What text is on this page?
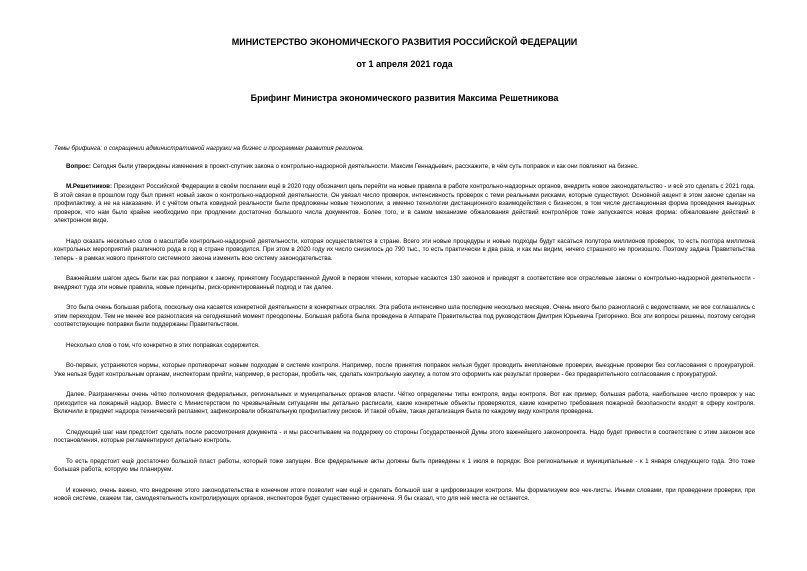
МИНИСТЕРСТВО ЭКОНОМИЧЕСКОГО РАЗВИТИЯ РОССИЙСКОЙ ФЕДЕРАЦИИ

от 1 апреля 2021 года

Брифинг Министра экономического развития Максима Решетникова

Темы брифинга: о сокращении административной нагрузки на бизнес и программах развития регионов.

Вопрос: Сегодня были утверждены изменения в проект-спутник закона о контрольно-надзорной деятельности. Максим Геннадьевич, расскажите, в чём суть поправок и как они повлияют на бизнес.

М.Решетников: Президент Российской Федерации в своём послании ещё в 2020 году обозначил цель перейти на новые правила в работе контрольно-надзорных органов, внедрить новое законодательство - и всё это сделать с 2021 года. В этой связи в прошлом году был принят новый закон о контрольно-надзорной деятельности. Он увязал число проверок, интенсивность проверок с теми реальными рисками, которые существуют. Основной акцент в этом законе сделан на профилактику, а не на наказание. И с учётом опыта ковидной реальности были предложены новые технологии, а именно технологии дистанционного взаимодействия с бизнесом, в том числе дистанционная форма проведения выездных проверок, что нам было крайне необходимо при продлении достаточно большого числа документов. Более того, и в самом механизме обжалования действий контролёров тоже запускается новая форма: обжалование действий в электронном виде.

Надо сказать несколько слов о масштабе контрольно-надзорной деятельности, которая осуществляется в стране. Всего эти новые процедуры и новые подходы будут касаться полутора миллионов проверок, то есть полтора миллиона контрольных мероприятий различного рода в год в стране проводится. При этом в 2020 году их число снизилось до 790 тыс., то есть практически в два раза, и как мы видим, ничего страшного не произошло. Поэтому задача Правительства теперь - в рамках нового принятого системного закона изменить всю систему законодательства.

Важнейшим шагом здесь были как раз поправки к закону, принятому Государственной Думой в первом чтении, которые касаются 130 законов и приводят в соответствие все отраслевые законы о контрольно-надзорной деятельности - внедряют туда эти новые правила, новые принципы, риск-ориентированный подход и так далее.

Это была очень большая работа, поскольку она касается конкретной деятельности в конкретных отраслях. Эта работа интенсивно шла последние несколько месяцев. Очень много было разногласий с ведомствами, не все соглашались с этим переходом. Тем не менее все разногласия на сегодняшний момент преодолены. Большая работа была проведена в Аппарате Правительства под руководством Дмитрия Юрьевича Григоренко. Все эти вопросы решены, поэтому сегодня соответствующие поправки были поддержаны Правительством.

Несколько слов о том, что конкретно в этих поправках содержится.

Во-первых, устраняются нормы, которые противоречат новым подходам в системе контроля. Например, после принятия поправок нельзя будет проводить внеплановые проверки, выездные проверки без согласования с прокуратурой. Уже нельзя будет контрольным органам, инспекторам прийти, например, в ресторан, пробить чек, сделать контрольную закупку, а потом это оформить как результат проверки - без предварительного согласования с прокуратурой.

Далее. Разграничены очень чётко полномочия федеральных, региональных и муниципальных органов власти. Чётко определены типы контроля, виды контроля. Вот как пример, большая работа, наибольшее число проверок у нас приходится на пожарный надзор. Вместе с Министерством по чрезвычайным ситуациям мы детально расписали, какие конкретные объекты проверяются, какие конкретно требования пожарной безопасности входят в сферу контроля. Включили в предмет надзора технический регламент, зафиксировали обязательную профилактику рисков. И такой объём, такая детализация была по каждому виду контроля проведена.

Следующий шаг нам предстоит сделать после рассмотрения документа - и мы рассчитываем на поддержку со стороны Государственной Думы этого важнейшего законопроекта. Надо будет привести в соответствие с этим законом все постановления, которые регламентируют детально контроль.

То есть предстоит ещё достаточно большой пласт работы, который тоже запущен. Все федеральные акты должны быть приведены к 1 июля в порядок. Все региональные и муниципальные - к 1 января следующего года. Это тоже большая работа, которую мы планируем.

И конечно, очень важно, что внедрение этого законодательства в конечном итоге позволит нам ещё и сделать большой шаг в цифровизации контроля. Мы формализуем все чек-листы. Иными словами, при проведении проверки, при новой системе, скажем так, самодеятельность контролирующих органов, инспекторов будет существенно ограничена. Я бы сказал, что для неё места не останется.
